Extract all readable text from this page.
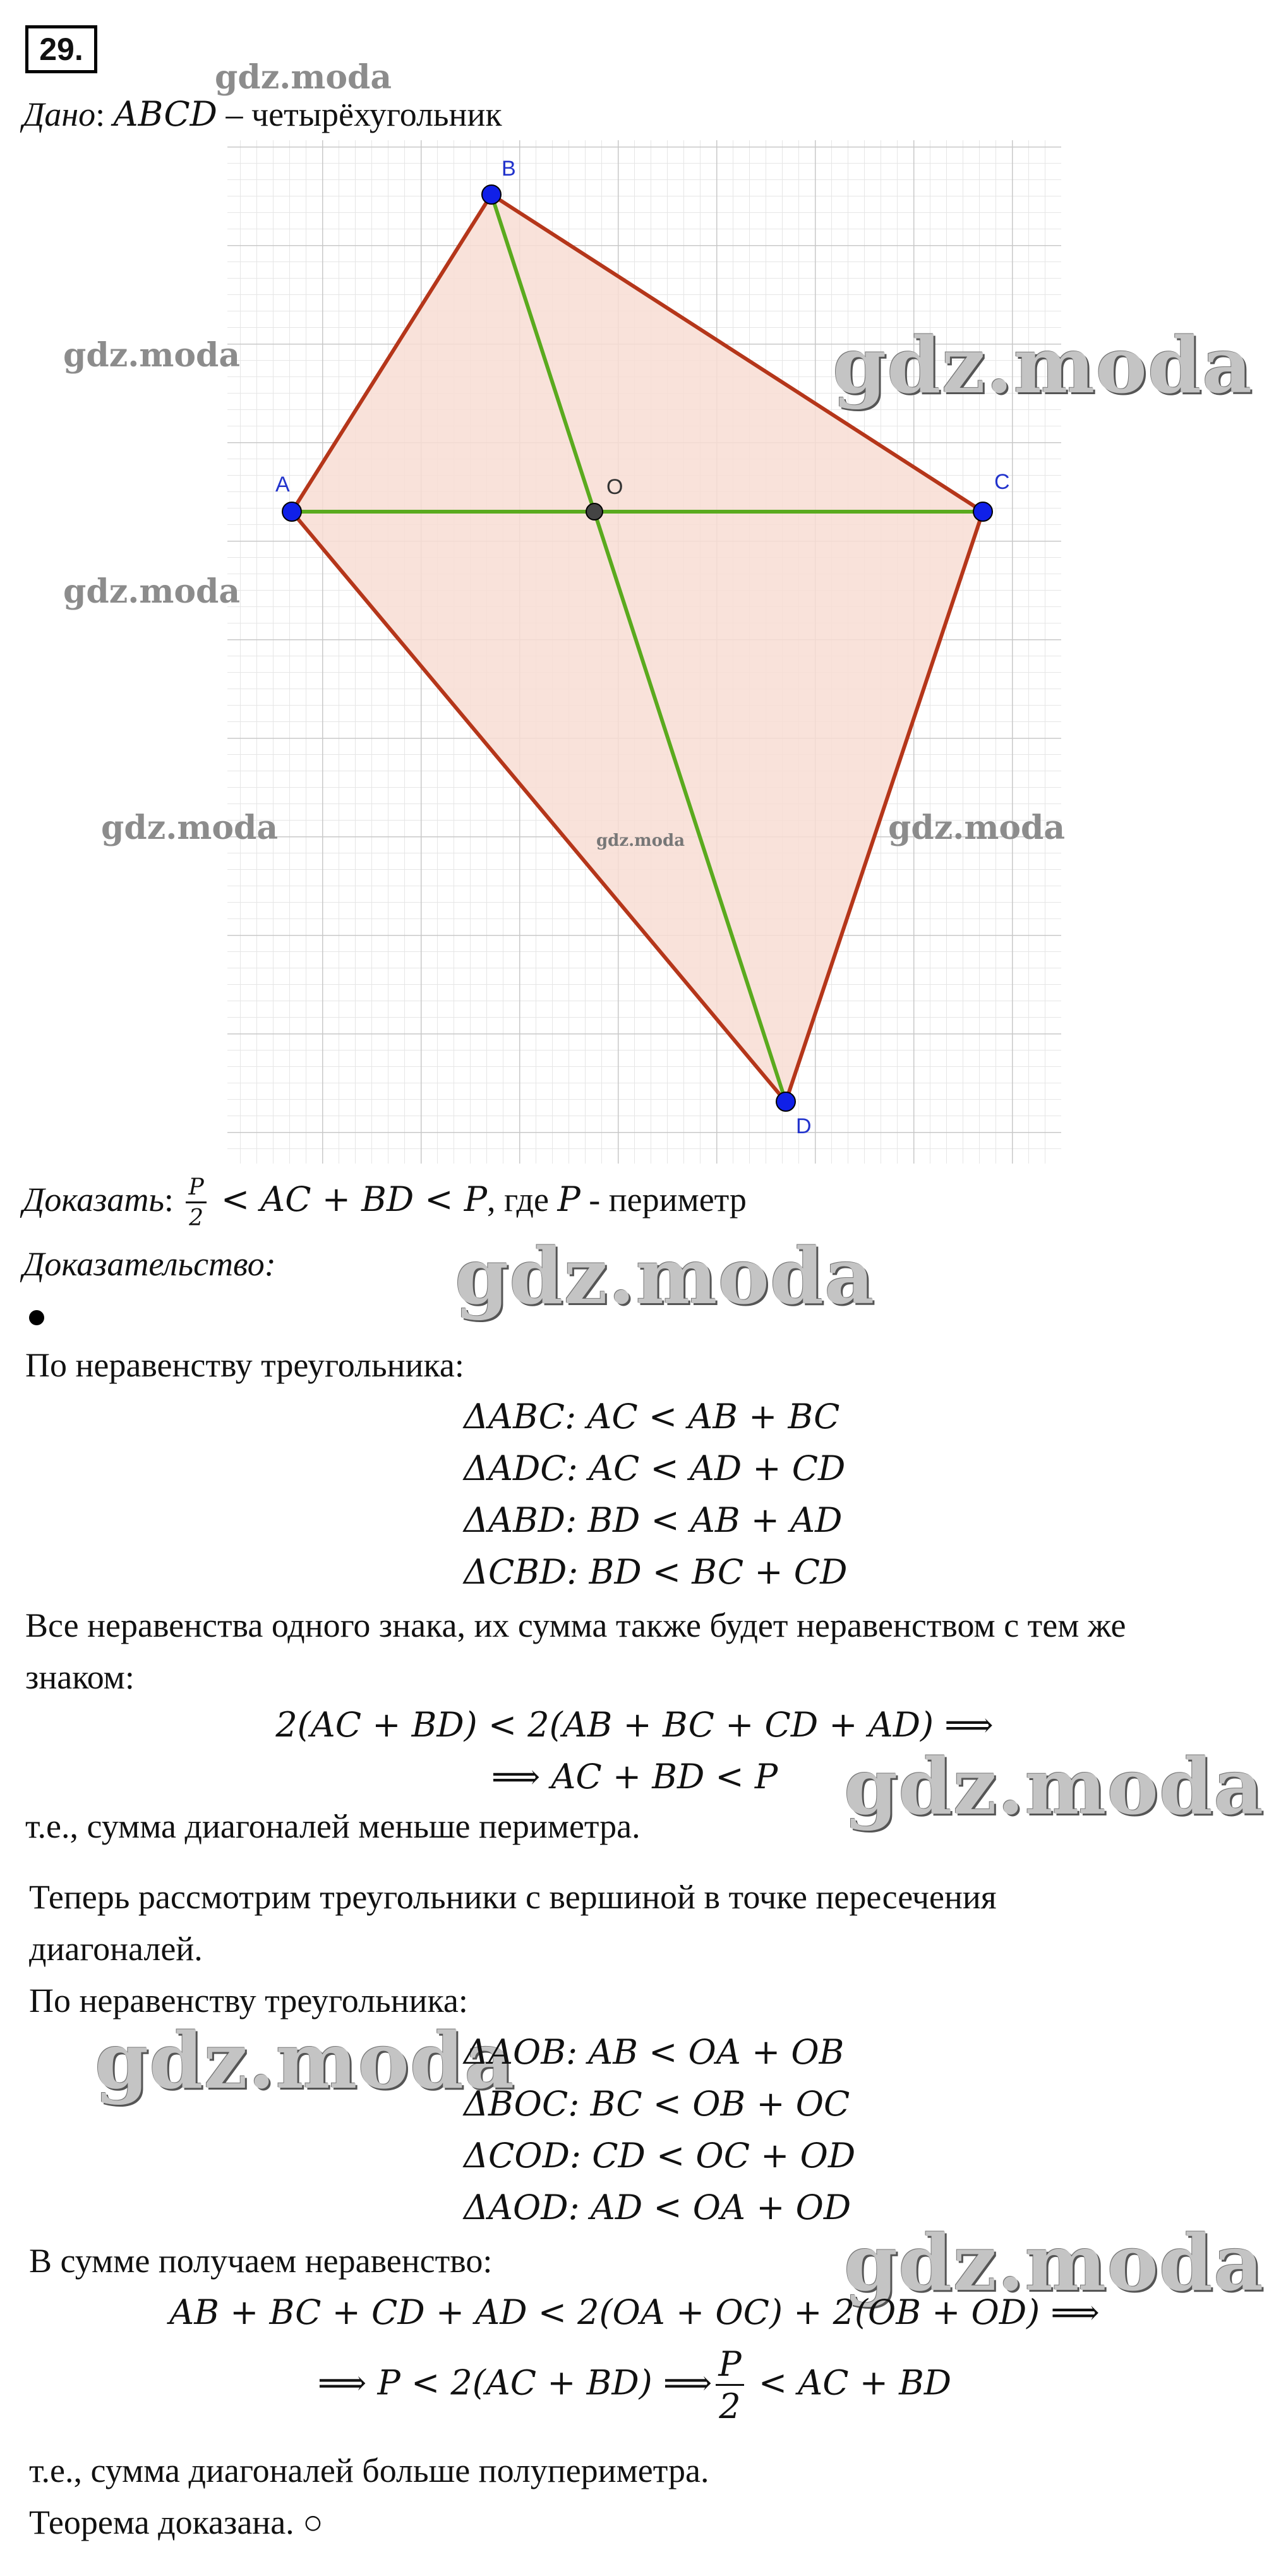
29.
gdz.moda
Дано: ABCD – четырёхугольник
A
B
C
D
O
gdz.moda	gdz.moda
gdz.moda
gdz.moda	gdz.moda	gdz.moda
Доказать: $\frac{P}{2}$ < AC + BD < P, где P - периметр
Доказательство: gdz.moda
По неравенству треугольника:
ΔABC: AC < AB + BC
ΔADC: AC < AD + CD
ΔABD: BD < AB + AD
ΔCBD: BD < BC + CD
Все неравенства одного знака, их сумма также будет неравенством с тем же
знаком:
2(AC + BD) < 2(AB + BC + CD + AD) ⟹
⟹ AC + BD < P gdz.moda
т.е., сумма диагоналей меньше периметра.
Теперь рассмотрим треугольники с вершиной в точке пересечения
диагоналей.
По неравенству треугольника:
gdz.moda
ΔAOB: AB < OA + OB
ΔBOC: BC < OB + OC
ΔCOD: CD < OC + OD
ΔAOD: AD < OA + OD
В сумме получаем неравенство:	gdz.moda
AB + BC + CD + AD < 2(OA + OC) + 2(OB + OD) ⟹
⟹ P < 2(AC + BD) ⟹ $\frac{P}{2}$ < AC + BD
т.е., сумма диагоналей больше полупериметра.
Теорема доказана. ○
